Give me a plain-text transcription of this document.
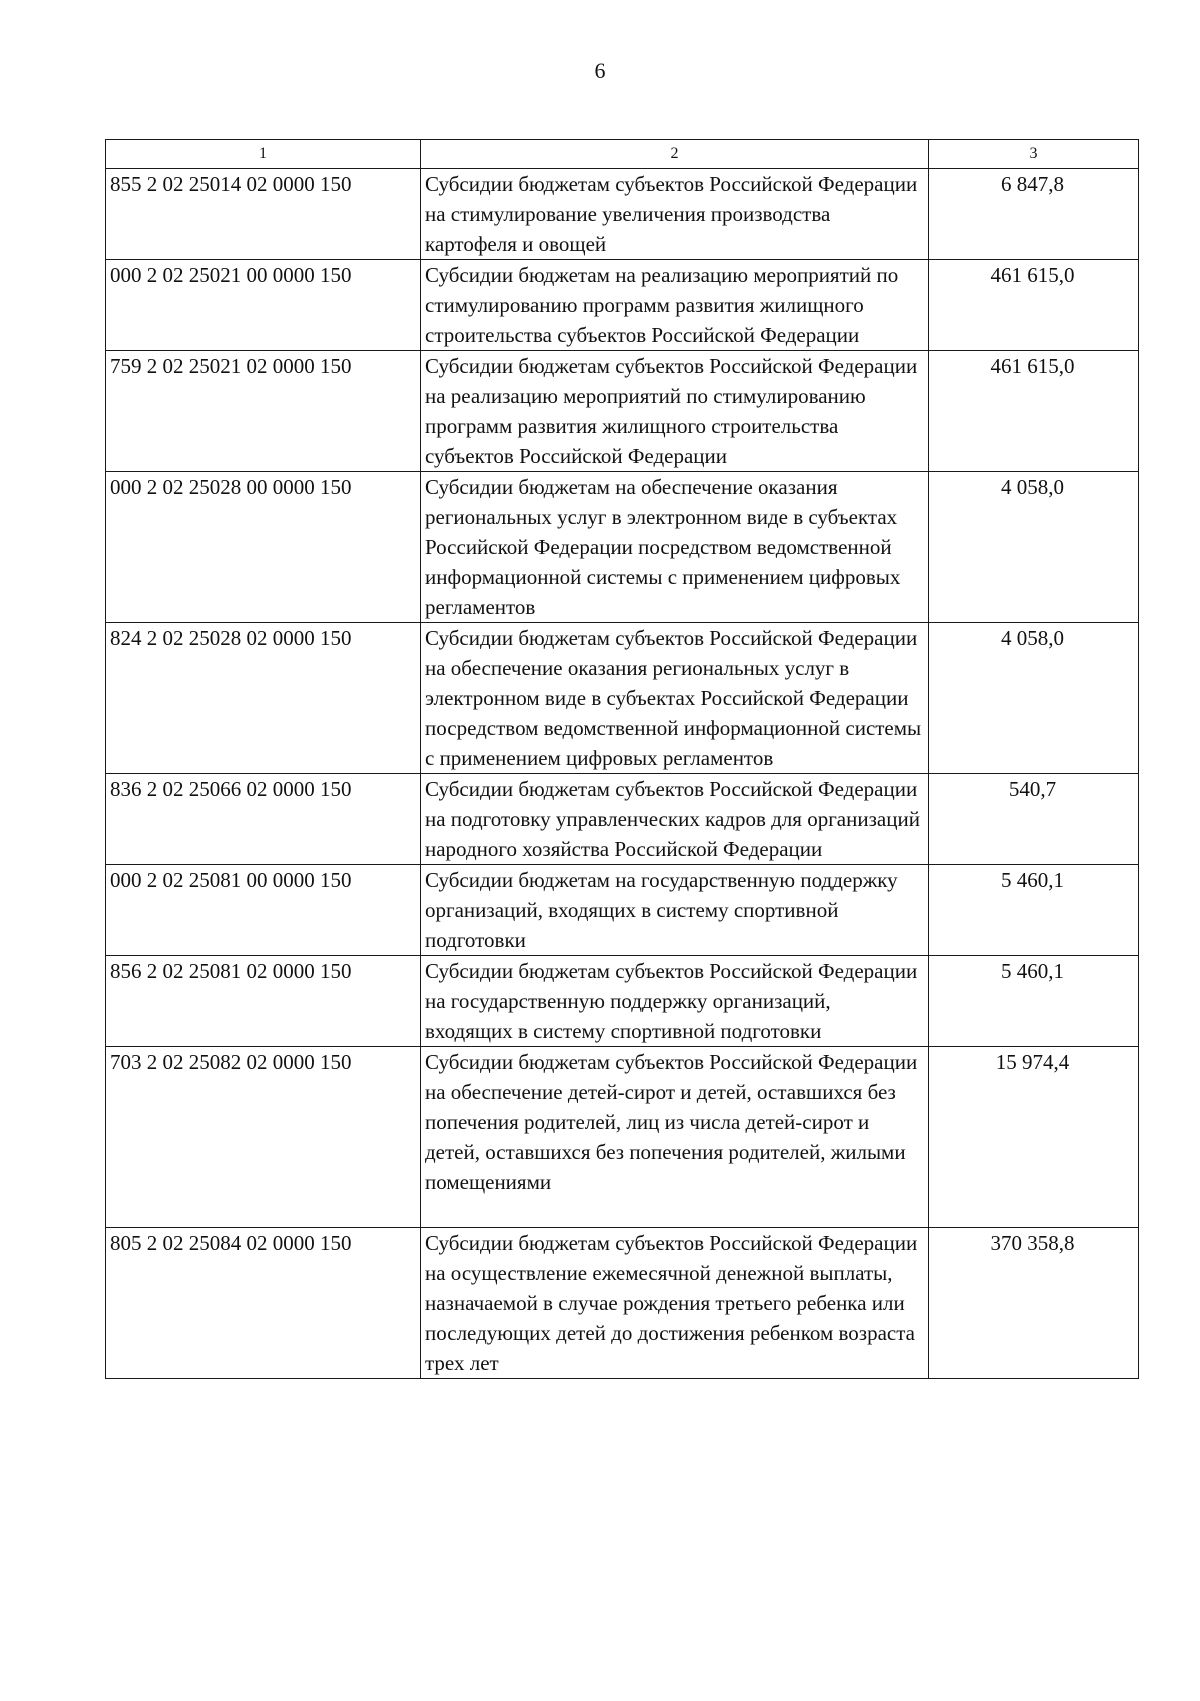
6
1	2	3
855 2 02 25014 02 0000 150	Субсидии бюджетам субъектов Российской Федерации на стимулирование увеличения производства картофеля и овощей	6 847,8
000 2 02 25021 00 0000 150	Субсидии бюджетам на реализацию мероприятий по стимулированию программ развития жилищного строительства субъектов Российской Федерации	461 615,0
759 2 02 25021 02 0000 150	Субсидии бюджетам субъектов Российской Федерации на реализацию мероприятий по стимулированию программ развития жилищного строительства субъектов Российской Федерации	461 615,0
000 2 02 25028 00 0000 150	Субсидии бюджетам на обеспечение оказания региональных услуг в электронном виде в субъектах Российской Федерации посредством ведомственной информационной системы с применением цифровых регламентов	4 058,0
824 2 02 25028 02 0000 150	Субсидии бюджетам субъектов Российской Федерации на обеспечение оказания региональных услуг в электронном виде в субъектах Российской Федерации посредством ведомственной информационной системы с применением цифровых регламентов	4 058,0
836 2 02 25066 02 0000 150	Субсидии бюджетам субъектов Российской Федерации на подготовку управленческих кадров для организаций народного хозяйства Российской Федерации	540,7
000 2 02 25081 00 0000 150	Субсидии бюджетам на государственную поддержку организаций, входящих в систему спортивной подготовки	5 460,1
856 2 02 25081 02 0000 150	Субсидии бюджетам субъектов Российской Федерации на государственную поддержку организаций, входящих в систему спортивной подготовки	5 460,1
703 2 02 25082 02 0000 150	Субсидии бюджетам субъектов Российской Федерации на обеспечение детей-сирот и детей, оставшихся без попечения родителей, лиц из числа детей-сирот и детей, оставшихся без попечения родителей, жилыми помещениями	15 974,4
805 2 02 25084 02 0000 150	Субсидии бюджетам субъектов Российской Федерации на осуществление ежемесячной денежной выплаты, назначаемой в случае рождения третьего ребенка или последующих детей до достижения ребенком возраста трех лет	370 358,8
